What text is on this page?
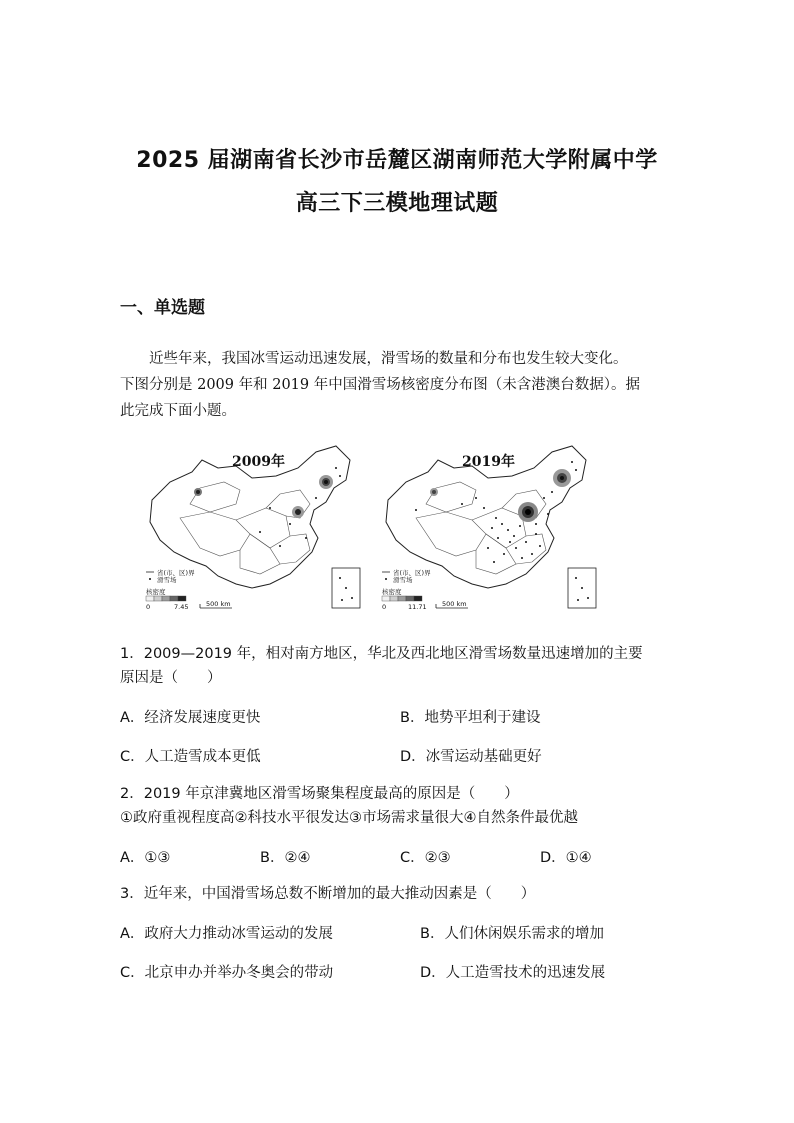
2025 届湖南省长沙市岳麓区湖南师范大学附属中学
高三下三模地理试题
一、单选题

近些年来，我国冰雪运动迅速发展，滑雪场的数量和分布也发生较大变化。

下图分别是 2009 年和 2019 年中国滑雪场核密度分布图（未含港澳台数据）。据

此完成下面小题。

2009年
省(市、区)界
滑雪场
核密度
0	7.45	500 km
2019年
省(市、区)界
滑雪场
核密度
0	11.71 500 km
1．2009—2019 年，相对南方地区，华北及西北地区滑雪场数量迅速增加的主要
原因是（　　）
A．经济发展速度更快	B．地势平坦利于建设
C．人工造雪成本更低	D．冰雪运动基础更好
2．2019 年京津冀地区滑雪场聚集程度最高的原因是（　　）
①政府重视程度高②科技水平很发达③市场需求量很大④自然条件最优越
A．①③	B．②④	C．②③	D．①④
3．近年来，中国滑雪场总数不断增加的最大推动因素是（　　）
A．政府大力推动冰雪运动的发展	B．人们休闲娱乐需求的增加
C．北京申办并举办冬奥会的带动	D．人工造雪技术的迅速发展
